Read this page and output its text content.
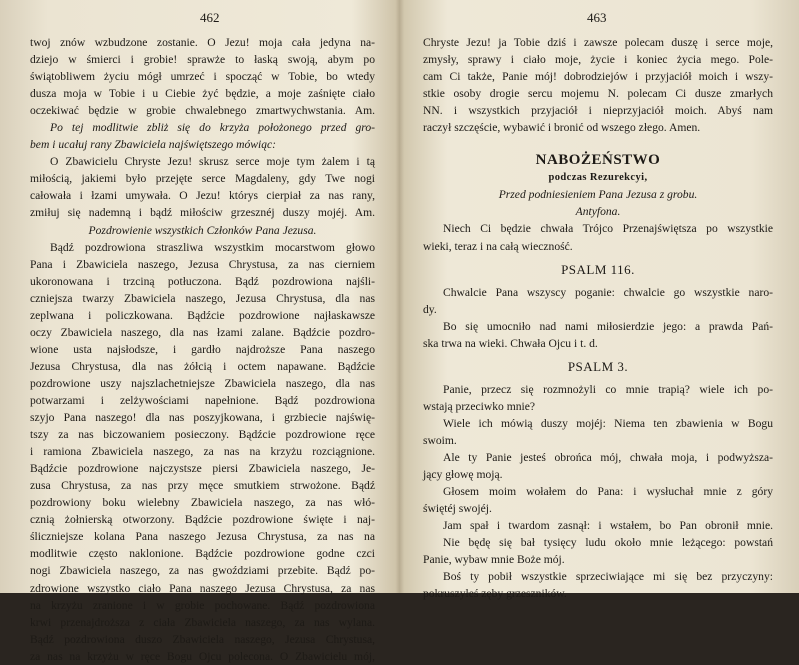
462
twoj znów wzbudzone zostanie. O Jezu! moja cała jedyna na-
dziejo w śmierci i grobie! sprawże to łaską swoją, abym po
świątobliwem życiu mógł umrzeć i spocząć w Tobie, bo wtedy
dusza moja w Tobie i u Ciebie żyć będzie, a moje zaśnięte ciało
oczekiwać będzie w grobie chwalebnego zmartwychwstania. Am.
Po tej modlitwie zbliż się do krzyża położonego przed gro-
bem i ucałuj rany Zbawiciela najświętszego mówiąc:
O Zbawicielu Chryste Jezu! skrusz serce moje tym żalem i tą
miłością, jakiemi było przejęte serce Magdaleny, gdy Twe nogi
całowała i łzami umywała. O Jezu! którys cierpiał za nas rany,
zmiłuj się nademną i bądź miłościw grzesznéj duszy mojéj. Am.
Pozdrowienie wszystkich Członków Pana Jezusa.
Bądź pozdrowiona straszliwa wszystkim mocarstwom głowo
Pana i Zbawiciela naszego, Jezusa Chrystusa, za nas cierniem
ukoronowana i trzciną potłuczona. Bądź pozdrowiona najśli-
czniejsza twarzy Zbawiciela naszego, Jezusa Chrystusa, dla nas
zeplwana i policzkowana. Bądźcie pozdrowione najłaskawsze
oczy Zbawiciela naszego, dla nas łzami zalane. Bądźcie pozdro-
wione usta najsłodsze, i gardło najdroższe Pana naszego
Jezusa Chrystusa, dla nas żółcią i octem napawane. Bądźcie
pozdrowione uszy najszlachetniejsze Zbawiciela naszego, dla nas
potwarzami i zelżywościami napełnione. Bądź pozdrowiona
szyjo Pana naszego! dla nas poszyjkowana, i grzbiecie najświę-
tszy za nas biczowaniem posieczony. Bądźcie pozdrowione ręce
i ramiona Zbawiciela naszego, za nas na krzyżu rozciągnione.
Bądźcie pozdrowione najczystsze piersi Zbawiciela naszego, Je-
zusa Chrystusa, za nas przy męce smutkiem strwożone. Bądź
pozdrowiony boku wielebny Zbawiciela naszego, za nas włó-
cznią żołnierską otworzony. Bądźcie pozdrowione święte i naj-
śliczniejsze kolana Pana naszego Jezusa Chrystusa, za nas na
modlitwie często naklonione. Bądźcie pozdrowione godne czci
nogi Zbawiciela naszego, za nas gwoździami przebite. Bądź po-
zdrowione wszystko ciało Pana naszego Jezusa Chrystusa, za nas
na krzyżu zranione i w grobie pochowane. Bądź pozdrowiona
krwi przenajdroższa z ciała Zbawiciela naszego, za nas wylana.
Bądź pozdrowiona duszo Zbawiciela naszego, Jezusa Chrystusa,
za nas na krzyżu w ręce Bogu Ojcu polecona. O Zbawicielu mój,
463
Chryste Jezu! ja Tobie dziś i zawsze polecam duszę i serce moje,
zmysły, sprawy i ciało moje, życie i koniec życia mego. Pole-
cam Ci także, Panie mój! dobrodziejów i przyjaciół moich i wszy-
stkie osoby drogie sercu mojemu N. polecam Ci dusze zmarłych
NN. i wszystkich przyjaciół i nieprzyjaciół moich. Abyś nam
raczył szczęście, wybawić i bronić od wszego złego. Amen.
NABOŻEŃSTWO
podczas Rezurekcyi,
Przed podniesieniem Pana Jezusa z grobu.
Antyfona.
Niech Ci będzie chwała Trójco Przenajświętsza po wszystkie
wieki, teraz i na całą wieczność.
PSALM 116.
Chwalcie Pana wszyscy poganie: chwalcie go wszystkie naro-
dy.
Bo się umocniło nad nami miłosierdzie jego: a prawda Pań-
ska trwa na wieki. Chwała Ojcu i t. d.
PSALM 3.
Panie, przecz się rozmnożyli co mnie trapią? wiele ich po-
wstają przeciwko mnie?
Wiele ich mówią duszy mojéj: Niema ten zbawienia w Bogu
swoim.
Ale ty Panie jesteś obrońca mój, chwała moja, i podwyższa-
jący głowę moją.
Głosem moim wołałem do Pana: i wysłuchał mnie z góry
świętéj swojéj.
Jam spał i twardom zasnął: i wstałem, bo Pan obronił mnie.
Nie będę się bał tysięcy ludu około mnie leżącego: powstań
Panie, wybaw mnie Boże mój.
Boś ty pobił wszystkie sprzeciwiające mi się bez przyczyny:
pokruszyłeś zęby grzeszników.
